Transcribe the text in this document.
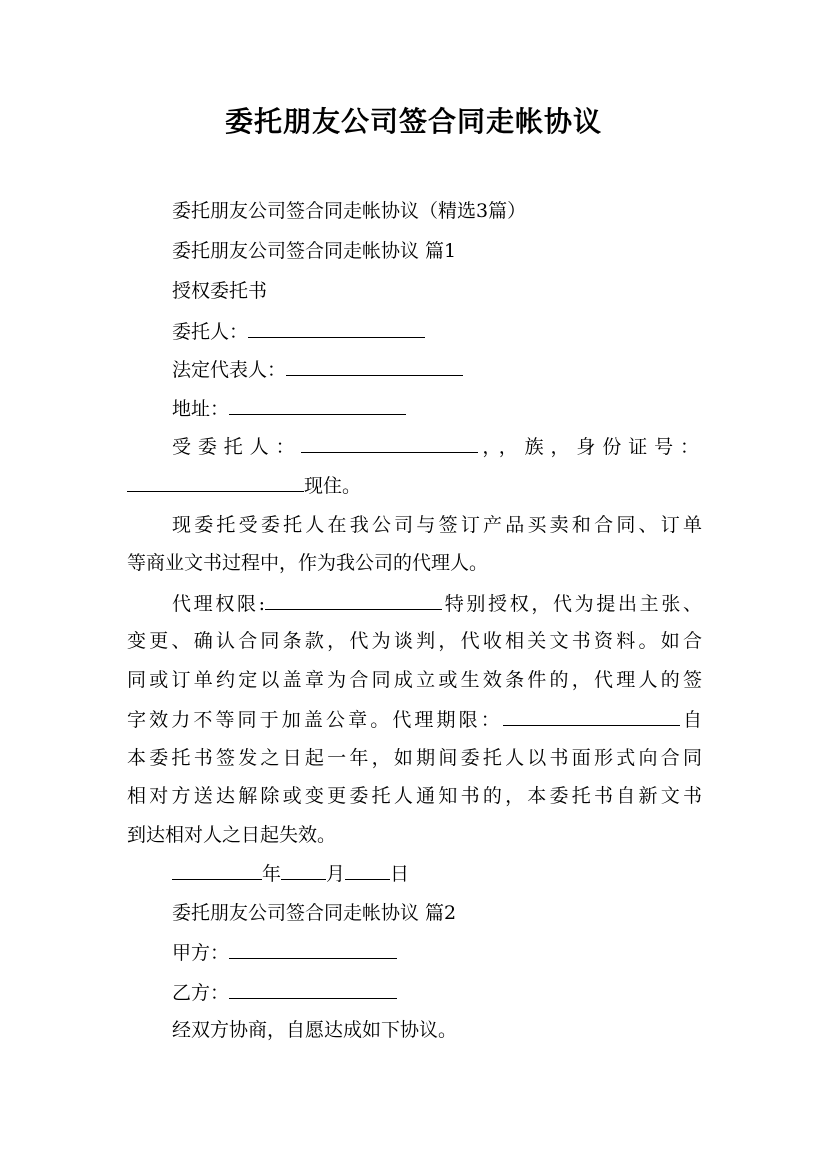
委托朋友公司签合同走帐协议
委托朋友公司签合同走帐协议（精选3篇）
委托朋友公司签合同走帐协议 篇1
授权委托书
委托人：
法定代表人：
地址：
受委托人：	，，族，身份证号：
现住。
现委托受委托人在我公司与签订产品买卖和合同、订单
等商业文书过程中，作为我公司的代理人。
代理权限:	特别授权，代为提出主张、
变更、确认合同条款，代为谈判，代收相关文书资料。如合
同或订单约定以盖章为合同成立或生效条件的，代理人的签
字效力不等同于加盖公章。代理期限：	自
本委托书签发之日起一年，如期间委托人以书面形式向合同
相对方送达解除或变更委托人通知书的，本委托书自新文书
到达相对人之日起失效。
年 月 日
委托朋友公司签合同走帐协议 篇2
甲方：
乙方：
经双方协商，自愿达成如下协议。
